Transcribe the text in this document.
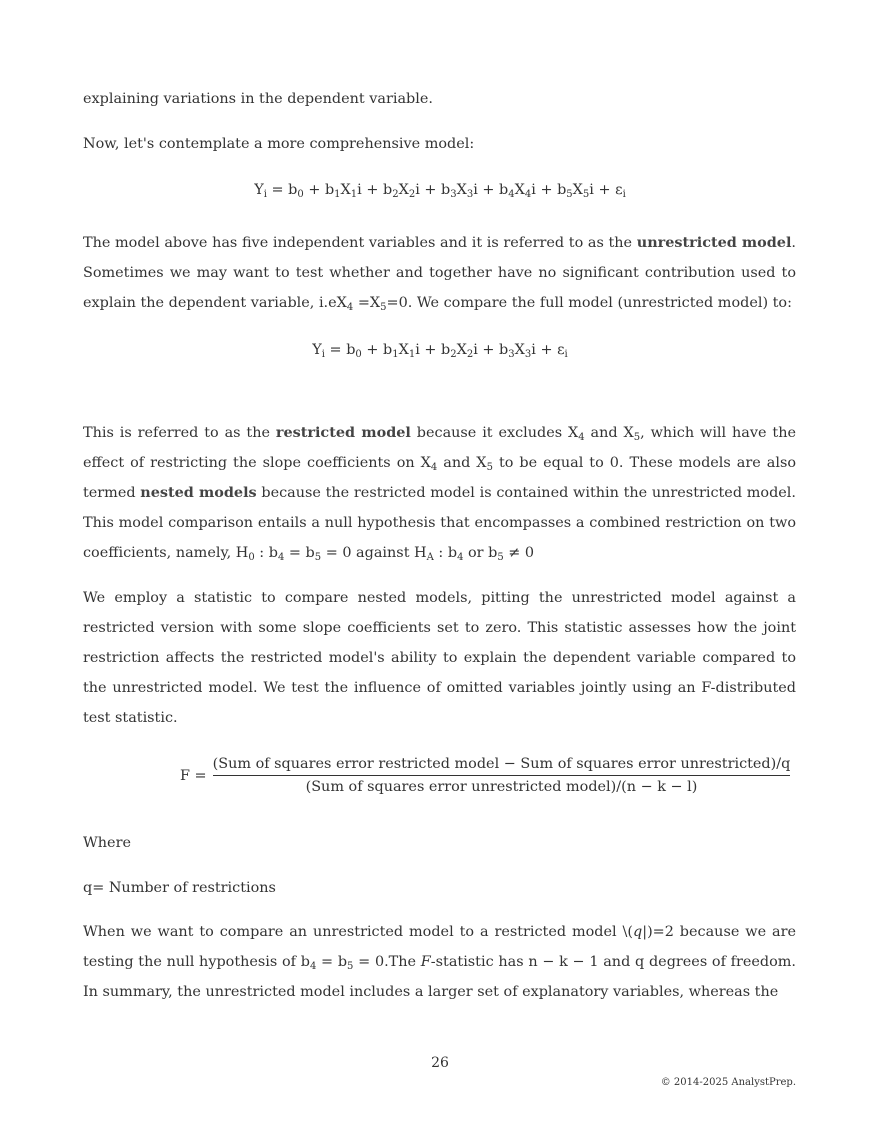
explaining variations in the dependent variable.
Now, let's contemplate a more comprehensive model:
The model above has five independent variables and it is referred to as the unrestricted model. Sometimes we may want to test whether and together have no significant contribution used to explain the dependent variable, $i.eX_4 =X_5=0$. We compare the full model (unrestricted model) to:
This is referred to as the restricted model because it excludes $X_4$ and $X_5$, which will have the effect of restricting the slope coefficients on $X_4$ and $X_5$ to be equal to 0. These models are also termed nested models because the restricted model is contained within the unrestricted model. This model comparison entails a null hypothesis that encompasses a combined restriction on two coefficients, namely, $H_0$ : $b_4 = b_5 = 0$ against $H_A$ : $b_4$ or $b_5 \ne 0$
We employ a statistic to compare nested models, pitting the unrestricted model against a restricted version with some slope coefficients set to zero. This statistic assesses how the joint restriction affects the restricted model's ability to explain the dependent variable compared to the unrestricted model. We test the influence of omitted variables jointly using an F-distributed test statistic.
Where
q= Number of restrictions
When we want to compare an unrestricted model to a restricted model \(q|)=2 because we are testing the null hypothesis of $b_4 = b_5 = 0.The$ F-statistic has n − k − 1 and q degrees of freedom. In summary, the unrestricted model includes a larger set of explanatory variables, whereas the
$Y_i = b_0 + b_1X_1i + b_2X_2i + b_3X_3i + b_4X_4i + b_5X_5i + \varepsilon_i$
$Y_i = b_0 + b_1X_1i + b_2X_2i + b_3X_3i + \varepsilon_i$
F =
(Sum of squares error restricted model − Sum of squares error unrestricted)/q
(Sum of squares error unrestricted model)/(n − k − l)
26
© 2014-2025 AnalystPrep.
